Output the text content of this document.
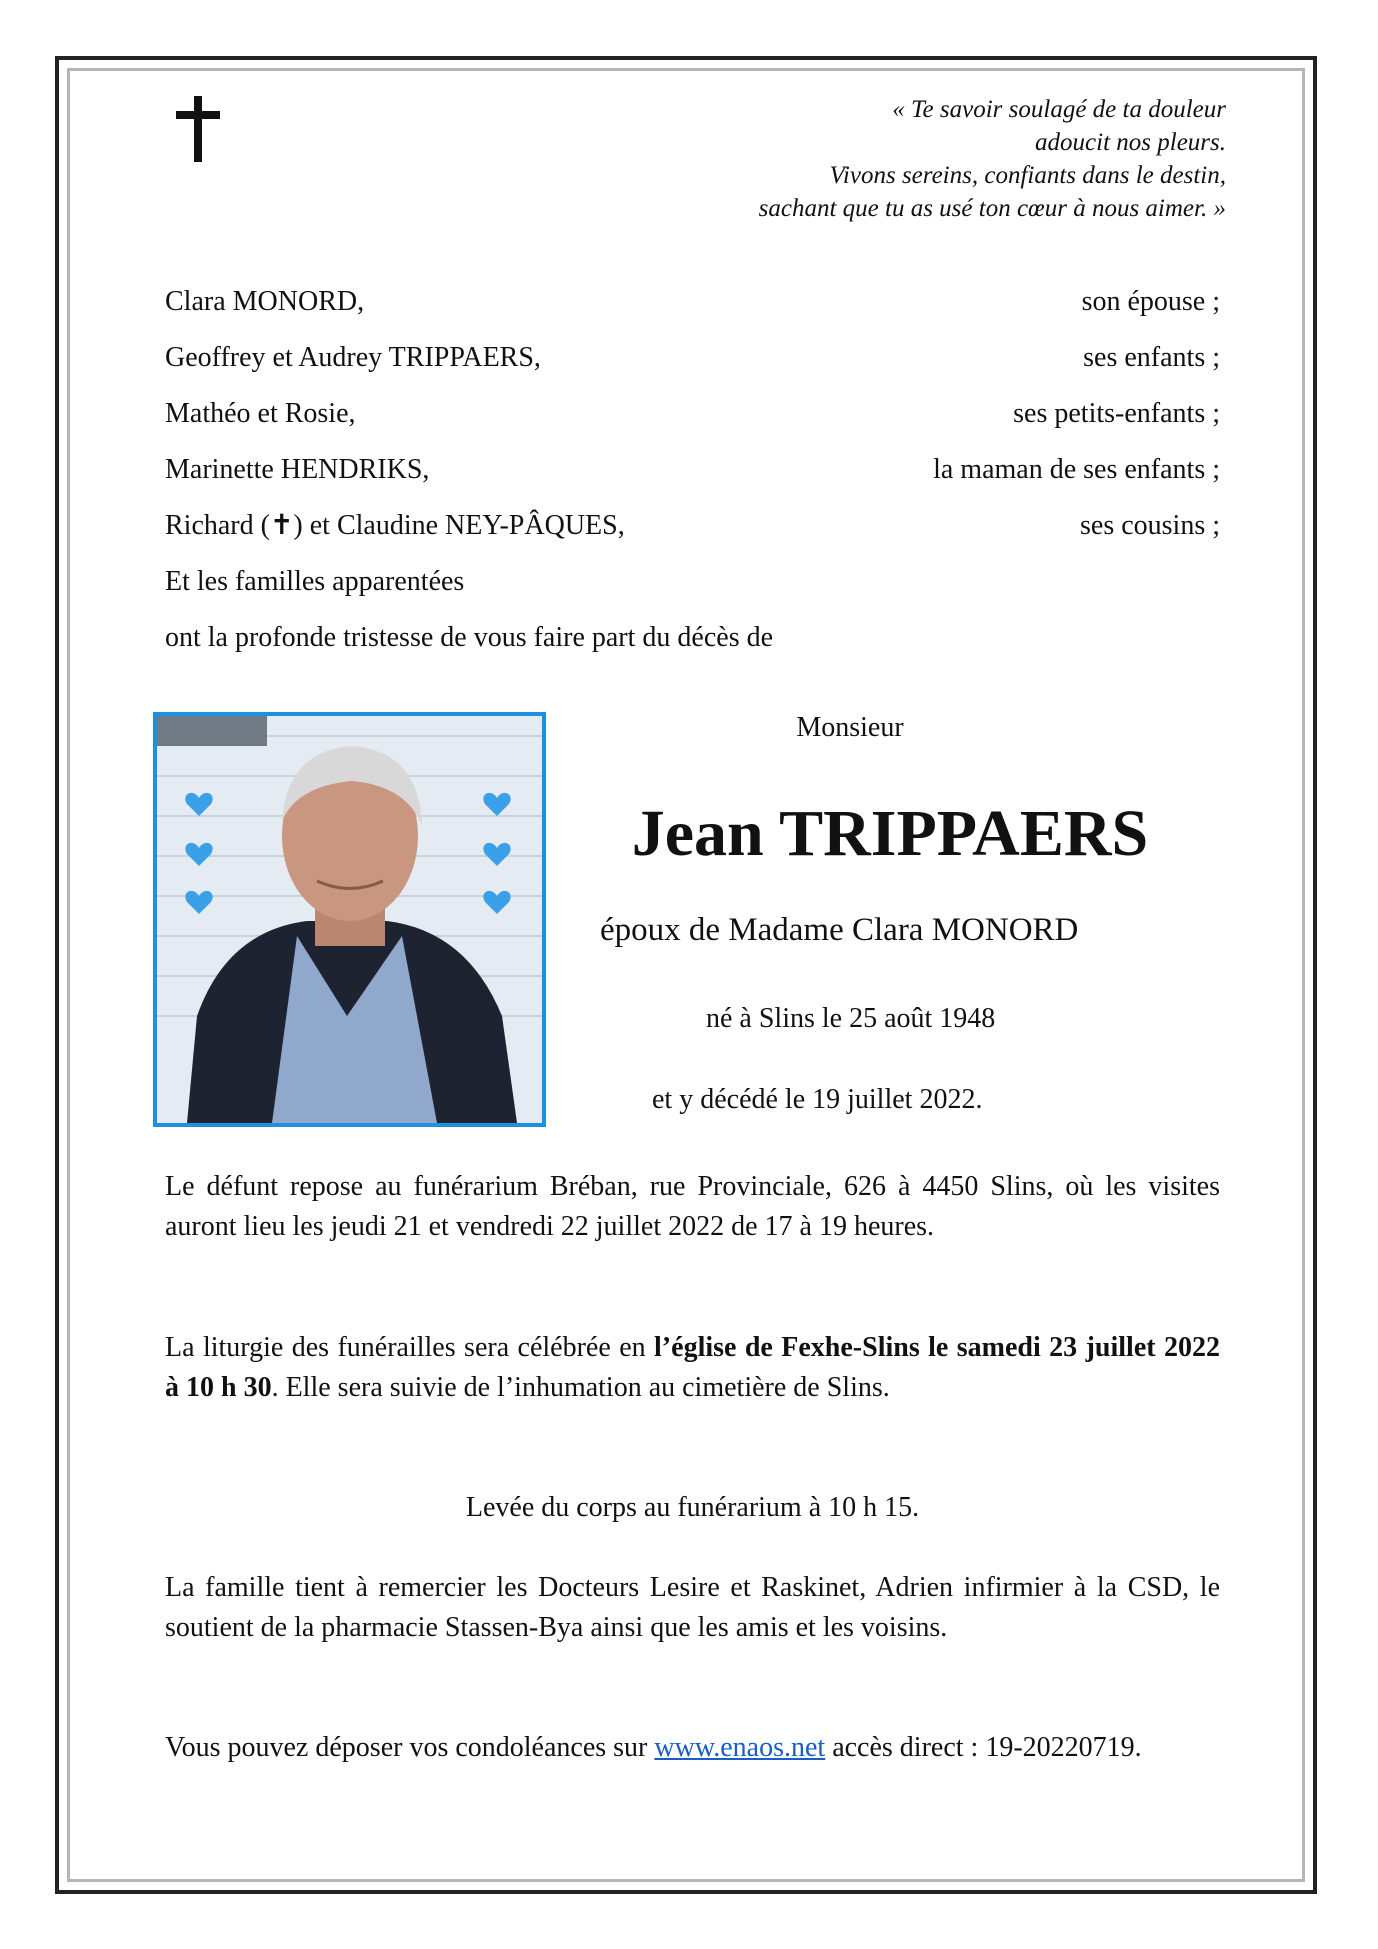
« Te savoir soulagé de ta douleur
adoucit nos pleurs.
Vivons sereins, confiants dans le destin,
sachant que tu as usé ton cœur à nous aimer. »
Clara MONORD,	son épouse ;
Geoffrey et Audrey TRIPPAERS,	ses enfants ;
Mathéo et Rosie,	ses petits-enfants ;
Marinette HENDRIKS,	la maman de ses enfants ;
Richard (✝) et Claudine NEY-PÂQUES,	ses cousins ;
Et les familles apparentées
ont la profonde tristesse de vous faire part du décès de
Monsieur
Jean TRIPPAERS
époux de Madame Clara MONORD
né à Slins le 25 août 1948
et y décédé le 19 juillet 2022.
Le défunt repose au funérarium Bréban, rue Provinciale, 626 à 4450 Slins, où les visites auront lieu les jeudi 21 et vendredi 22 juillet 2022 de 17 à 19 heures.
La liturgie des funérailles sera célébrée en l’église de Fexhe-Slins le samedi 23 juillet 2022 à 10 h 30. Elle sera suivie de l’inhumation au cimetière de Slins.
Levée du corps au funérarium à 10 h 15.
La famille tient à remercier les Docteurs Lesire et Raskinet, Adrien infirmier à la CSD, le soutient de la pharmacie Stassen-Bya ainsi que les amis et les voisins.
Vous pouvez déposer vos condoléances sur www.enaos.net accès direct : 19-20220719.
